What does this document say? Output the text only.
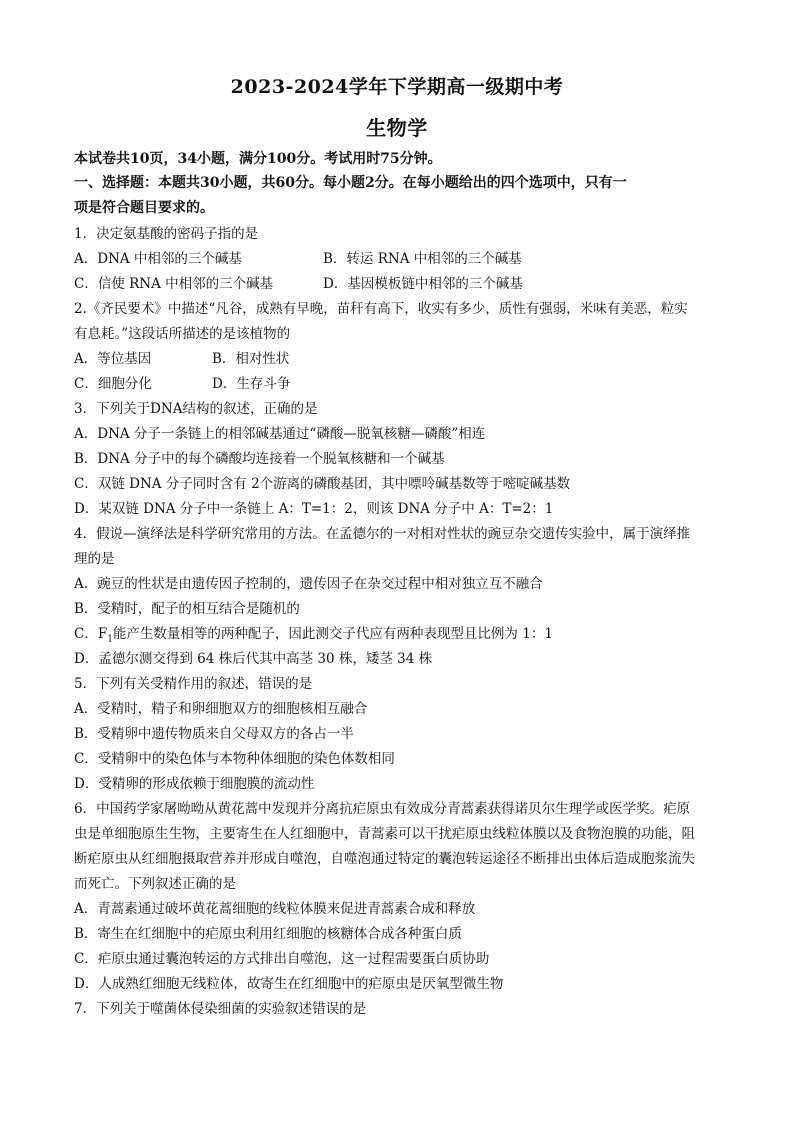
2023-2024学年下学期高一级期中考
生物学
本试卷共10页，34小题，满分100分。考试用时75分钟。
一、选择题：本题共30小题，共60分。每小题2分。在每小题给出的四个选项中，只有一
项是符合题目要求的。
1．决定氨基酸的密码子指的是
A．DNA 中相邻的三个碱基	B．转运 RNA 中相邻的三个碱基
C．信使 RNA 中相邻的三个碱基	D．基因模板链中相邻的三个碱基
2.《齐民要术》中描述“凡谷，成熟有早晚，苗秆有高下，收实有多少，质性有强弱，米味有美恶，粒实
有息耗。”这段话所描述的是该植物的
A．等位基因	B．相对性状
C．细胞分化	D．生存斗争
3．下列关于DNA结构的叙述，正确的是
A．DNA 分子一条链上的相邻碱基通过“磷酸—脱氧核糖—磷酸”相连
B．DNA 分子中的每个磷酸均连接着一个脱氧核糖和一个碱基
C．双链 DNA 分子同时含有 2个游离的磷酸基团，其中嘌呤碱基数等于嘧啶碱基数
D．某双链 DNA 分子中一条链上 A：T=1：2，则该 DNA 分子中 A：T=2：1
4．假说—演绎法是科学研究常用的方法。在孟德尔的一对相对性状的豌豆杂交遗传实验中，属于演绎推
理的是
A．豌豆的性状是由遗传因子控制的，遗传因子在杂交过程中相对独立互不融合
B．受精时，配子的相互结合是随机的
C．$F_1$能产生数量相等的两种配子，因此测交子代应有两种表现型且比例为 1：1
D．孟德尔测交得到 64 株后代其中高茎 30 株，矮茎 34 株
5．下列有关受精作用的叙述，错误的是
A．受精时，精子和卵细胞双方的细胞核相互融合
B．受精卵中遗传物质来自父母双方的各占一半
C．受精卵中的染色体与本物种体细胞的染色体数相同
D．受精卵的形成依赖于细胞膜的流动性
6．中国药学家屠呦呦从黄花蒿中发现并分离抗疟原虫有效成分青蒿素获得诺贝尔生理学或医学奖。疟原
虫是单细胞原生生物，主要寄生在人红细胞中，青蒿素可以干扰疟原虫线粒体膜以及食物泡膜的功能，阻
断疟原虫从红细胞摄取营养并形成自噬泡，自噬泡通过特定的囊泡转运途径不断排出虫体后造成胞浆流失
而死亡。下列叙述正确的是
A．青蒿素通过破坏黄花蒿细胞的线粒体膜来促进青蒿素合成和释放
B．寄生在红细胞中的疟原虫利用红细胞的核糖体合成各种蛋白质
C．疟原虫通过囊泡转运的方式排出自噬泡，这一过程需要蛋白质协助
D．人成熟红细胞无线粒体，故寄生在红细胞中的疟原虫是厌氧型微生物
7．下列关于噬菌体侵染细菌的实验叙述错误的是
